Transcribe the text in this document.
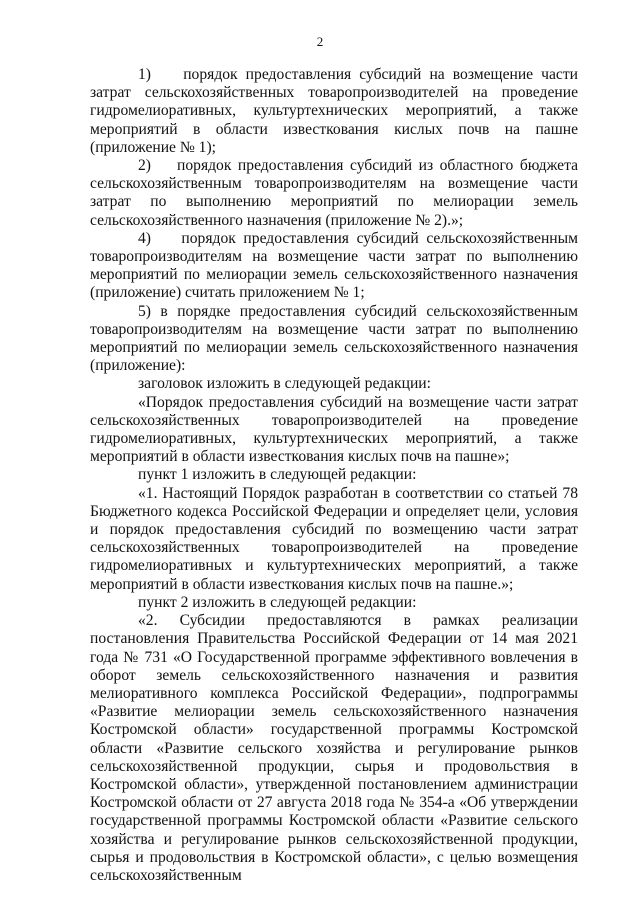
2

1)    порядок предоставления субсидий на возмещение части затрат сельскохозяйственных товаропроизводителей на проведение гидромелиоративных, культуртехнических мероприятий, а также мероприятий в области известкования кислых почв на пашне (приложение № 1);

2)    порядок предоставления субсидий из областного бюджета сельскохозяйственным товаропроизводителям на возмещение части затрат по выполнению мероприятий по мелиорации земель сельскохозяйственного назначения (приложение № 2).»;

4)    порядок предоставления субсидий сельскохозяйственным товаропроизводителям на возмещение части затрат по выполнению мероприятий по мелиорации земель сельскохозяйственного назначения (приложение) считать приложением № 1;

5) в порядке предоставления субсидий сельскохозяйственным товаропроизводителям на возмещение части затрат по выполнению мероприятий по мелиорации земель сельскохозяйственного назначения (приложение):

заголовок изложить в следующей редакции:

«Порядок предоставления субсидий на возмещение части затрат сельскохозяйственных товаропроизводителей на проведение гидромелиоративных, культуртехнических мероприятий, а также мероприятий в области известкования кислых почв на пашне»;

пункт 1 изложить в следующей редакции:

«1. Настоящий Порядок разработан в соответствии со статьей 78 Бюджетного кодекса Российской Федерации и определяет цели, условия и порядок предоставления субсидий по возмещению части затрат сельскохозяйственных товаропроизводителей на проведение гидромелиоративных и культуртехнических мероприятий, а также мероприятий в области известкования кислых почв на пашне.»;

пункт 2 изложить в следующей редакции:

«2. Субсидии предоставляются в рамках реализации постановления Правительства Российской Федерации от 14 мая 2021 года № 731 «О Государственной программе эффективного вовлечения в оборот земель сельскохозяйственного назначения и развития мелиоративного комплекса Российской Федерации», подпрограммы «Развитие мелиорации земель сельскохозяйственного назначения Костромской области» государственной программы Костромской области «Развитие сельского хозяйства и регулирование рынков сельскохозяйственной продукции, сырья и продовольствия в Костромской области», утвержденной постановлением администрации Костромской области от 27 августа 2018 года № 354-а «Об утверждении государственной программы Костромской области «Развитие сельского хозяйства и регулирование рынков сельскохозяйственной продукции, сырья и продовольствия в Костромской области», с целью возмещения сельскохозяйственным
